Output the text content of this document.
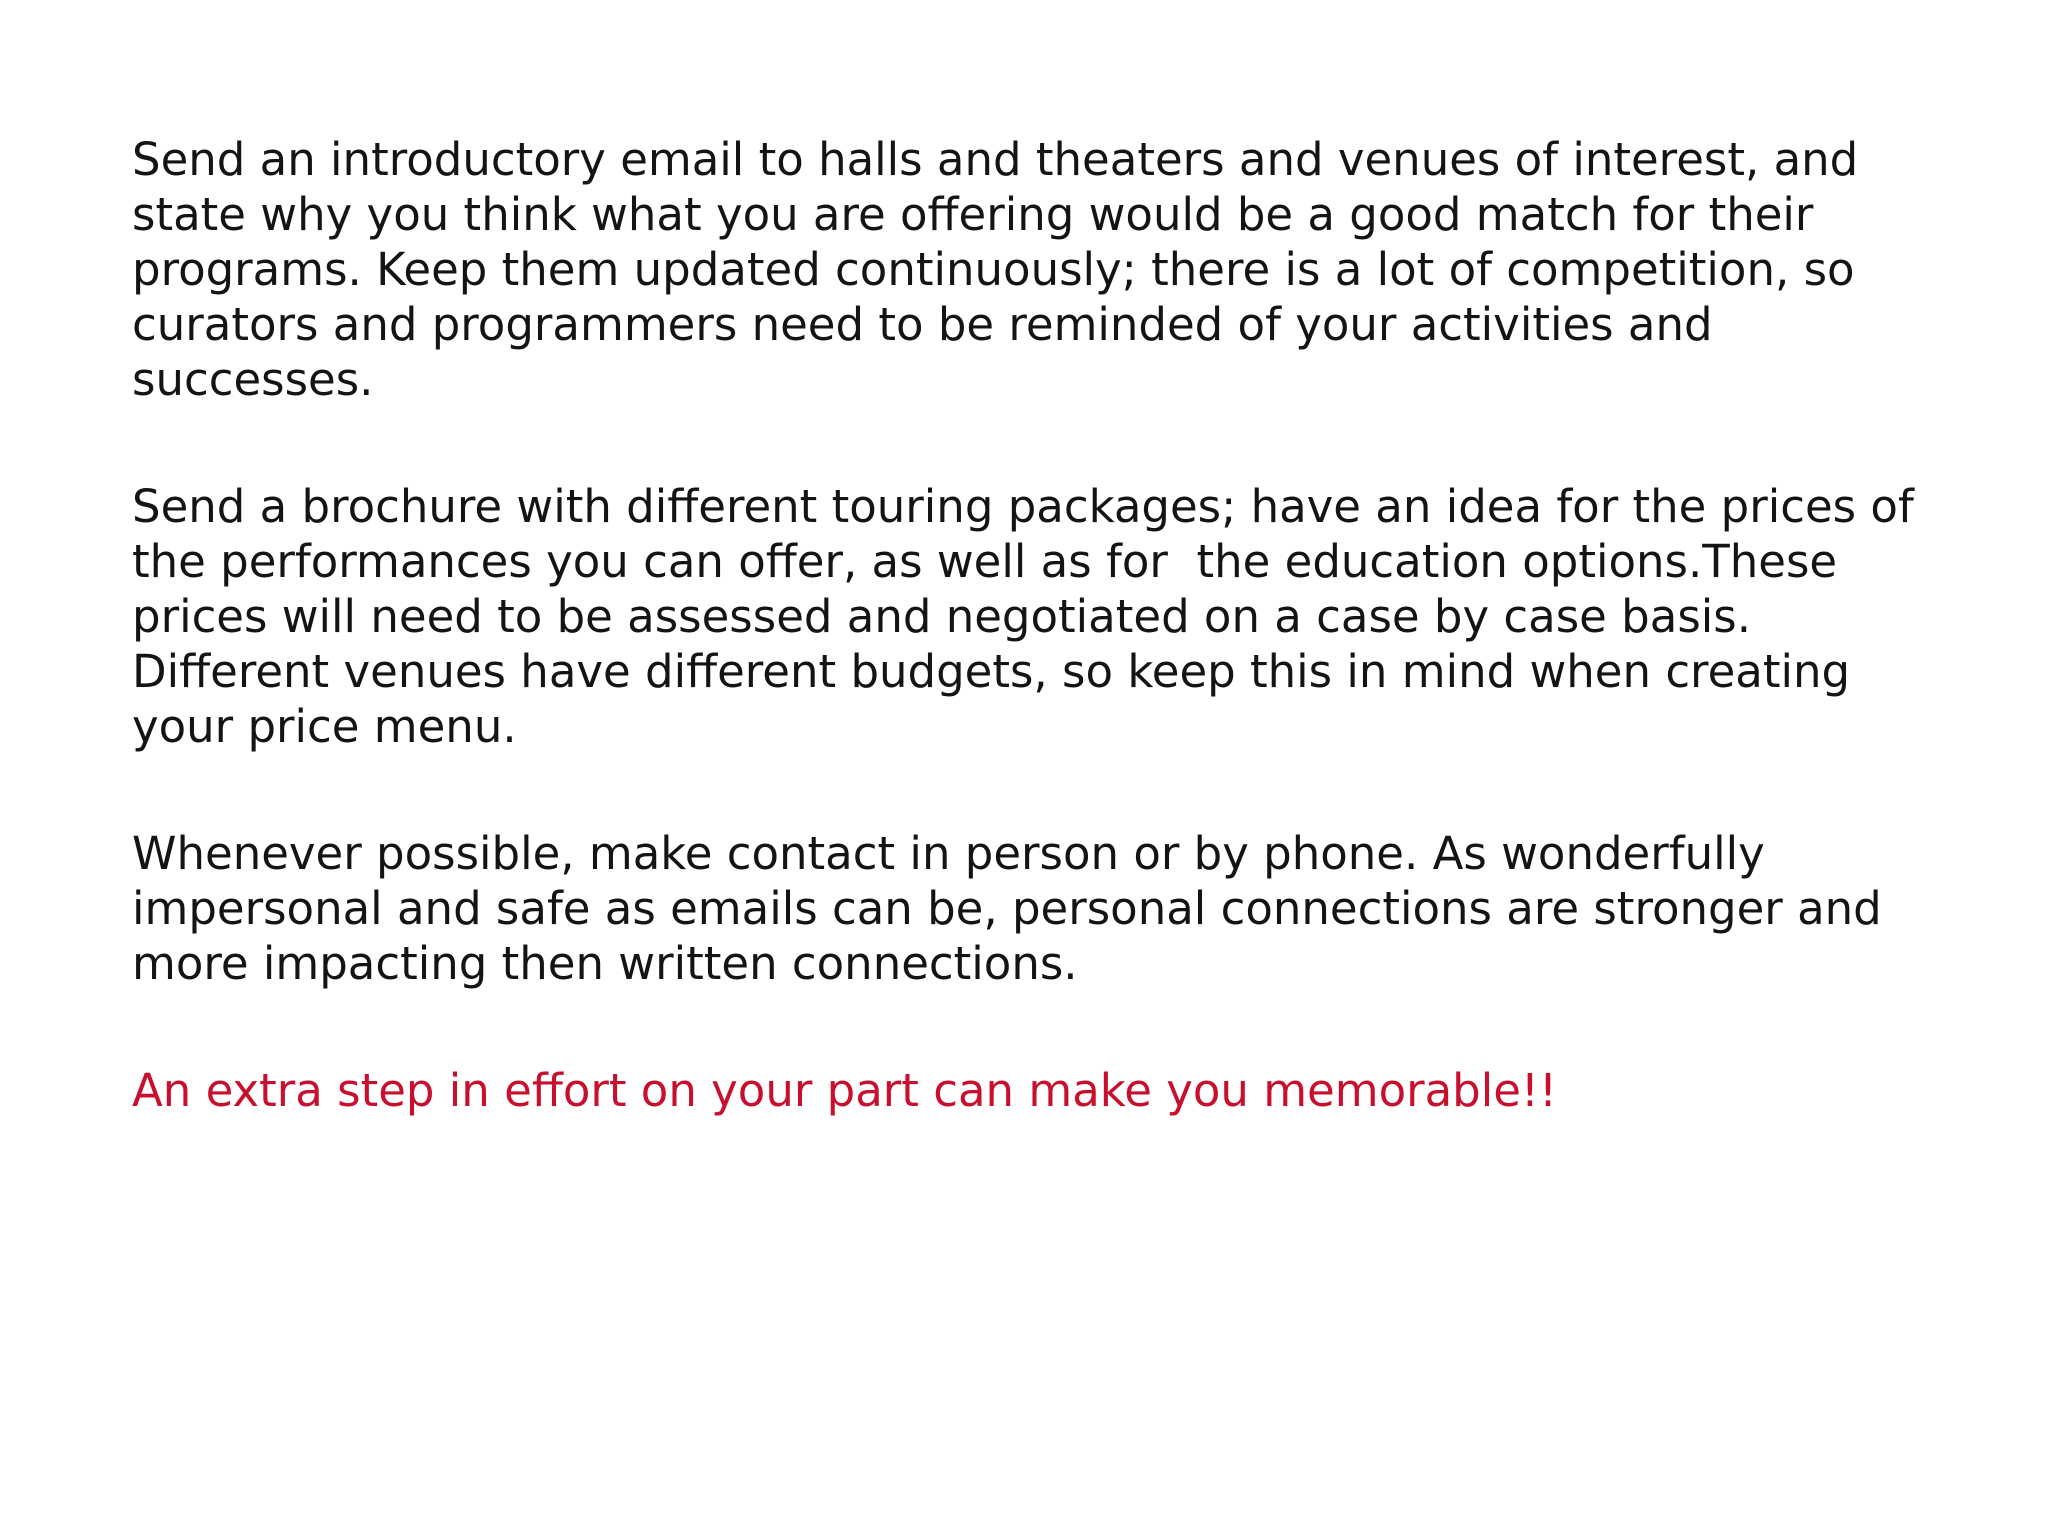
Send an introductory email to halls and theaters and venues of interest, and
state why you think what you are offering would be a good match for their
programs. Keep them updated continuously; there is a lot of competition, so
curators and programmers need to be reminded of your activities and
successes.

Send a brochure with different touring packages; have an idea for the prices of
the performances you can offer, as well as for  the education options.These
prices will need to be assessed and negotiated on a case by case basis.
Different venues have different budgets, so keep this in mind when creating
your price menu.

Whenever possible, make contact in person or by phone. As wonderfully
impersonal and safe as emails can be, personal connections are stronger and
more impacting then written connections.

An extra step in effort on your part can make you memorable!!
